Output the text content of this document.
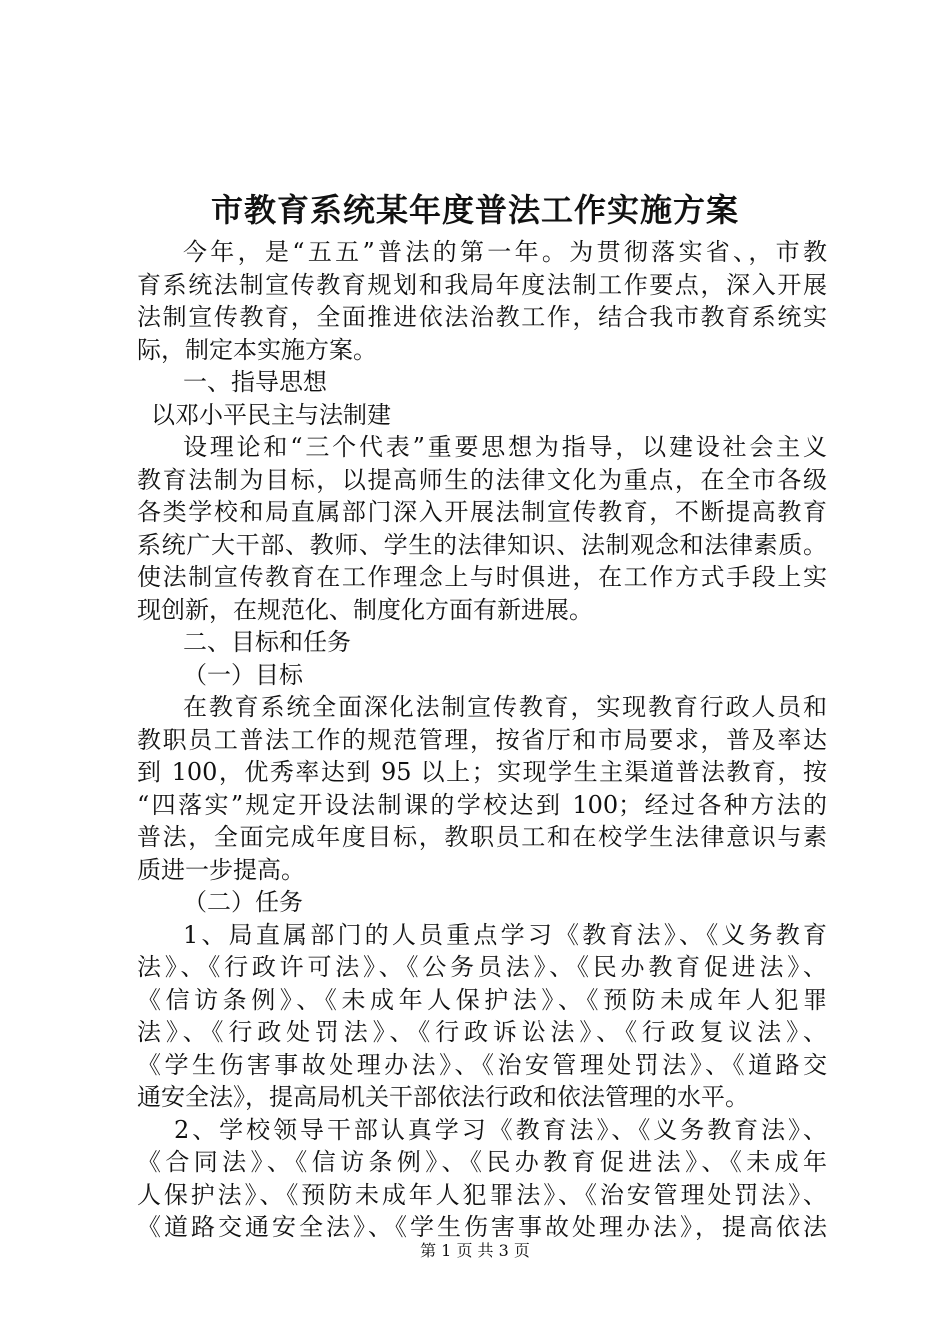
市教育系统某年度普法工作实施方案
今年，是“五五”普法的第一年。为贯彻落实省、，市教
育系统法制宣传教育规划和我局年度法制工作要点，深入开展
法制宣传教育，全面推进依法治教工作，结合我市教育系统实
际，制定本实施方案。
一、指导思想
以邓小平民主与法制建
设理论和“三个代表”重要思想为指导，以建设社会主义
教育法制为目标，以提高师生的法律文化为重点，在全市各级
各类学校和局直属部门深入开展法制宣传教育，不断提高教育
系统广大干部、教师、学生的法律知识、法制观念和法律素质。
使法制宣传教育在工作理念上与时俱进，在工作方式手段上实
现创新，在规范化、制度化方面有新进展。
二、目标和任务
（一）目标
在教育系统全面深化法制宣传教育，实现教育行政人员和
教职员工普法工作的规范管理，按省厅和市局要求，普及率达
到 100，优秀率达到 95 以上；实现学生主渠道普法教育，按
“四落实”规定开设法制课的学校达到 100；经过各种方法的
普法，全面完成年度目标，教职员工和在校学生法律意识与素
质进一步提高。
（二）任务
1、局直属部门的人员重点学习《教育法》、《义务教育
法》、《行政许可法》、《公务员法》、《民办教育促进法》、
《信访条例》、《未成年人保护法》、《预防未成年人犯罪
法》、《行政处罚法》、《行政诉讼法》、《行政复议法》、
《学生伤害事故处理办法》、《治安管理处罚法》、《道路交
通安全法》，提高局机关干部依法行政和依法管理的水平。
2、学校领导干部认真学习《教育法》、《义务教育法》、
《合同法》、《信访条例》、《民办教育促进法》、《未成年
人保护法》、《预防未成年人犯罪法》、《治安管理处罚法》、
《道路交通安全法》、《学生伤害事故处理办法》，提高依法
第 1 页 共 3 页
